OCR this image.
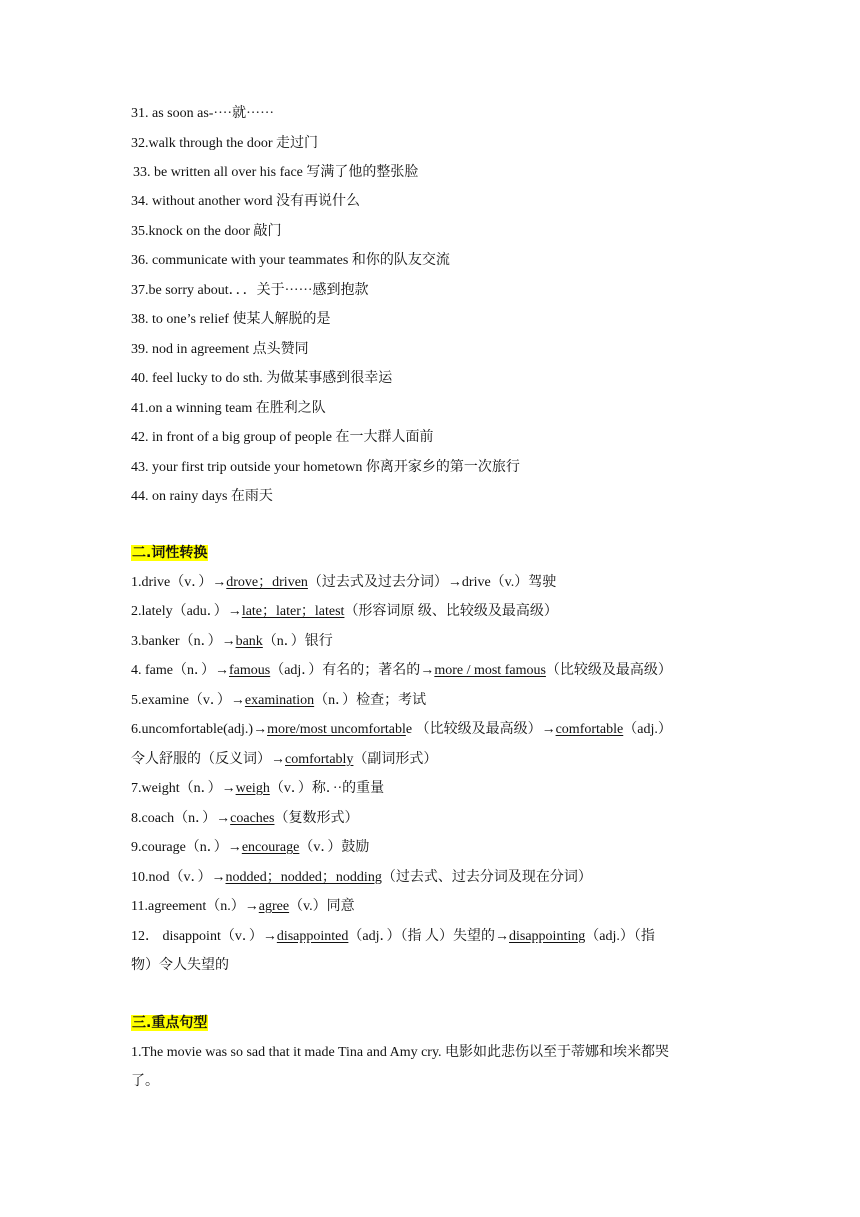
31. as soon as-····就······
32.walk through the door 走过门
33. be written all over his face 写满了他的整张脸
34. without another word 没有再说什么
35.knock on the door 敲门
36. communicate with your teammates 和你的队友交流
37.be sorry about．．．关于······感到抱款
38. to one’s relief 使某人解脱的是
39. nod in agreement 点头赞同
40. feel lucky to do sth. 为做某事感到很幸运
41.on a winning team 在胜利之队
42. in front of a big group of people 在一大群人面前
43. your first trip outside your hometown 你离开家乡的第一次旅行
44. on rainy days 在雨天
二.词性转换
1.drive（v．）→drove；driven（过去式及过去分词）→drive（v.）驾驶
2.lately（adu．）→late；later；latest（形容词原 级、比较级及最高级）
3.banker（n．）→bank（n．）银行
4. fame（n．）→famous（adj．）有名的；著名的→more / most famous（比较级及最高级）
5.examine（v．）→examination（n．）检查；考试
6.uncomfortable(adj.)→more/most uncomfortable （比较级及最高级）→comfortable（adj.）
令人舒服的（反义词）→comfortably（副词形式）
7.weight（n．）→weigh（v．）称．··的重量
8.coach（n．）→coaches（复数形式）
9.courage（n．）→encourage（v．）鼓励
10.nod（v．）→nodded；nodded；nodding（过去式、过去分词及现在分词）
11.agreement（n.）→agree（v.）同意
12． disappoint（v．）→disappointed（adj．）（指 人）失望的→disappointing（adj.）（指
物）令人失望的
三.重点句型
1.The movie was so sad that it made Tina and Amy cry. 电影如此悲伤以至于蒂娜和埃米都哭
了。
